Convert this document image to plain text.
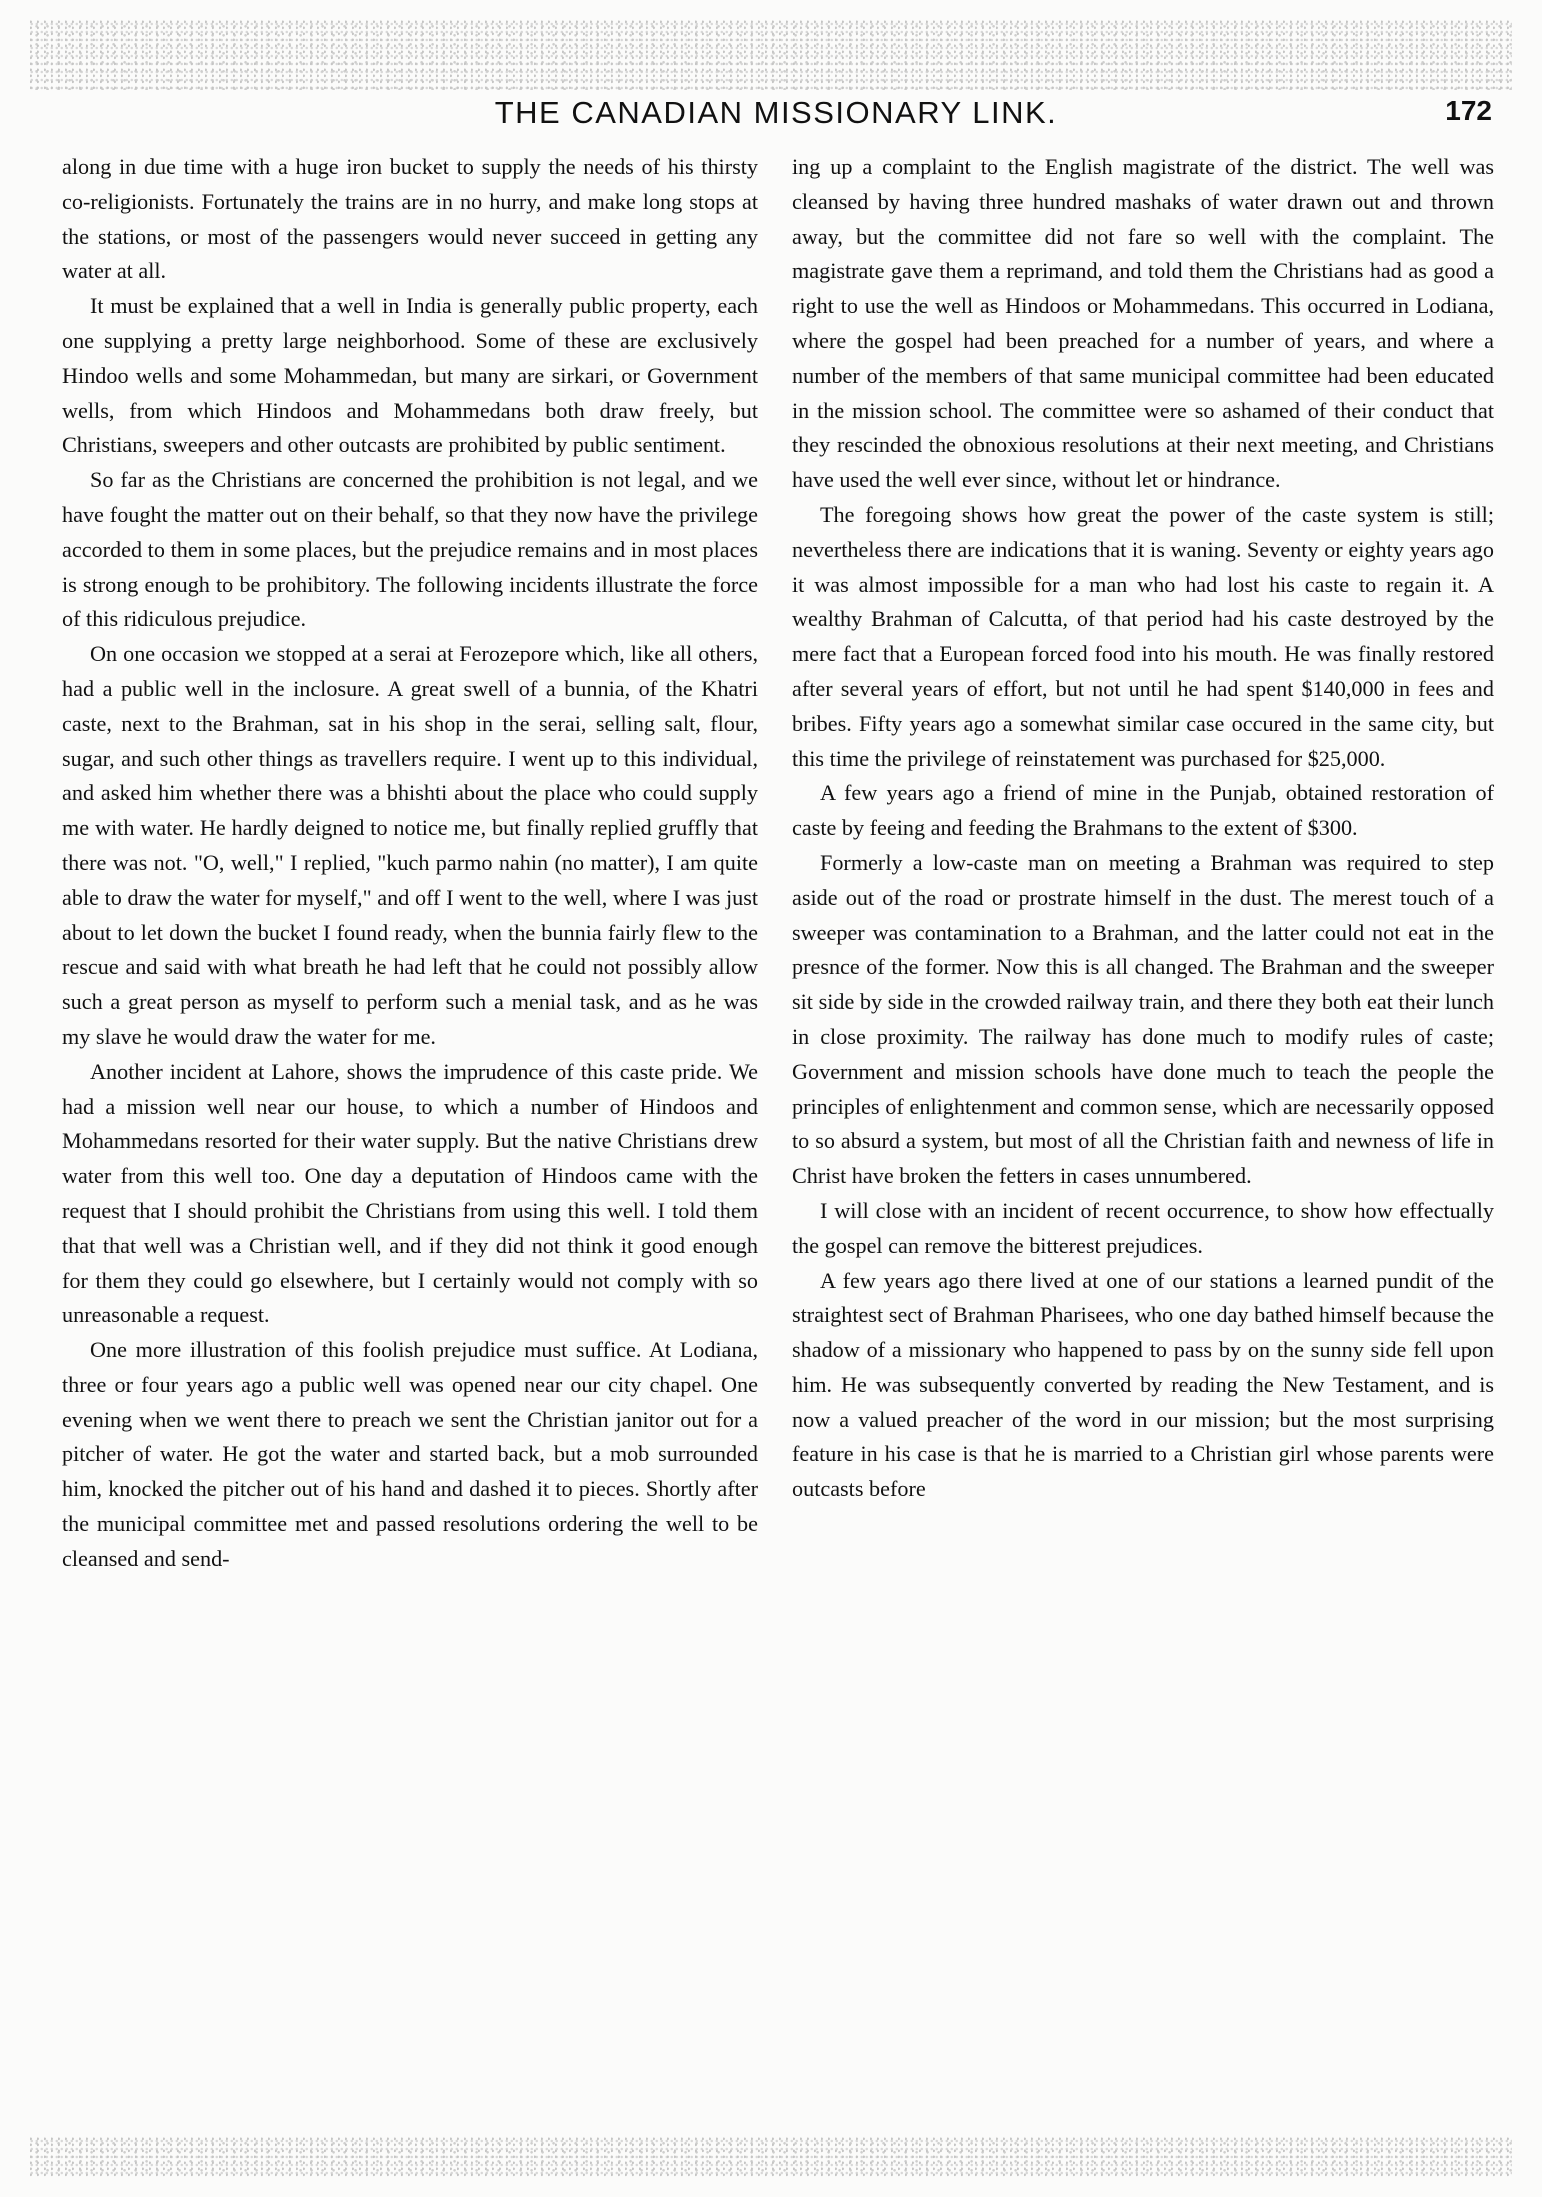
THE CANADIAN MISSIONARY LINK.	172

along in due time with a huge iron bucket to supply the needs of his thirsty co-religionists. Fortunately the trains are in no hurry, and make long stops at the stations, or most of the passengers would never succeed in getting any water at all.

It must be explained that a well in India is generally public property, each one supplying a pretty large neighborhood. Some of these are exclusively Hindoo wells and some Mohammedan, but many are sirkari, or Government wells, from which Hindoos and Mohammedans both draw freely, but Christians, sweepers and other outcasts are prohibited by public sentiment.

So far as the Christians are concerned the prohibition is not legal, and we have fought the matter out on their behalf, so that they now have the privilege accorded to them in some places, but the prejudice remains and in most places is strong enough to be prohibitory. The following incidents illustrate the force of this ridiculous prejudice.

On one occasion we stopped at a serai at Ferozepore which, like all others, had a public well in the inclosure. A great swell of a bunnia, of the Khatri caste, next to the Brahman, sat in his shop in the serai, selling salt, flour, sugar, and such other things as travellers require. I went up to this individual, and asked him whether there was a bhishti about the place who could supply me with water. He hardly deigned to notice me, but finally replied gruffly that there was not. "O, well," I replied, "kuch parmo nahin (no matter), I am quite able to draw the water for myself," and off I went to the well, where I was just about to let down the bucket I found ready, when the bunnia fairly flew to the rescue and said with what breath he had left that he could not possibly allow such a great person as myself to perform such a menial task, and as he was my slave he would draw the water for me.

Another incident at Lahore, shows the imprudence of this caste pride. We had a mission well near our house, to which a number of Hindoos and Mohammedans resorted for their water supply. But the native Christians drew water from this well too. One day a deputation of Hindoos came with the request that I should prohibit the Christians from using this well. I told them that that well was a Christian well, and if they did not think it good enough for them they could go elsewhere, but I certainly would not comply with so unreasonable a request.

One more illustration of this foolish prejudice must suffice. At Lodiana, three or four years ago a public well was opened near our city chapel. One evening when we went there to preach we sent the Christian janitor out for a pitcher of water. He got the water and started back, but a mob surrounded him, knocked the pitcher out of his hand and dashed it to pieces. Shortly after the municipal committee met and passed resolutions ordering the well to be cleansed and send-

ing up a complaint to the English magistrate of the district. The well was cleansed by having three hundred mashaks of water drawn out and thrown away, but the committee did not fare so well with the complaint. The magistrate gave them a reprimand, and told them the Christians had as good a right to use the well as Hindoos or Mohammedans. This occurred in Lodiana, where the gospel had been preached for a number of years, and where a number of the members of that same municipal committee had been educated in the mission school. The committee were so ashamed of their conduct that they rescinded the obnoxious resolutions at their next meeting, and Christians have used the well ever since, without let or hindrance.

The foregoing shows how great the power of the caste system is still; nevertheless there are indications that it is waning. Seventy or eighty years ago it was almost impossible for a man who had lost his caste to regain it. A wealthy Brahman of Calcutta, of that period had his caste destroyed by the mere fact that a European forced food into his mouth. He was finally restored after several years of effort, but not until he had spent $140,000 in fees and bribes. Fifty years ago a somewhat similar case occured in the same city, but this time the privilege of reinstatement was purchased for $25,000.

A few years ago a friend of mine in the Punjab, obtained restoration of caste by feeing and feeding the Brahmans to the extent of $300.

Formerly a low-caste man on meeting a Brahman was required to step aside out of the road or prostrate himself in the dust. The merest touch of a sweeper was contamination to a Brahman, and the latter could not eat in the presnce of the former. Now this is all changed. The Brahman and the sweeper sit side by side in the crowded railway train, and there they both eat their lunch in close proximity. The railway has done much to modify rules of caste; Government and mission schools have done much to teach the people the principles of enlightenment and common sense, which are necessarily opposed to so absurd a system, but most of all the Christian faith and newness of life in Christ have broken the fetters in cases unnumbered.

I will close with an incident of recent occurrence, to show how effectually the gospel can remove the bitterest prejudices.

A few years ago there lived at one of our stations a learned pundit of the straightest sect of Brahman Pharisees, who one day bathed himself because the shadow of a missionary who happened to pass by on the sunny side fell upon him. He was subsequently converted by reading the New Testament, and is now a valued preacher of the word in our mission; but the most surprising feature in his case is that he is married to a Christian girl whose parents were outcasts before
